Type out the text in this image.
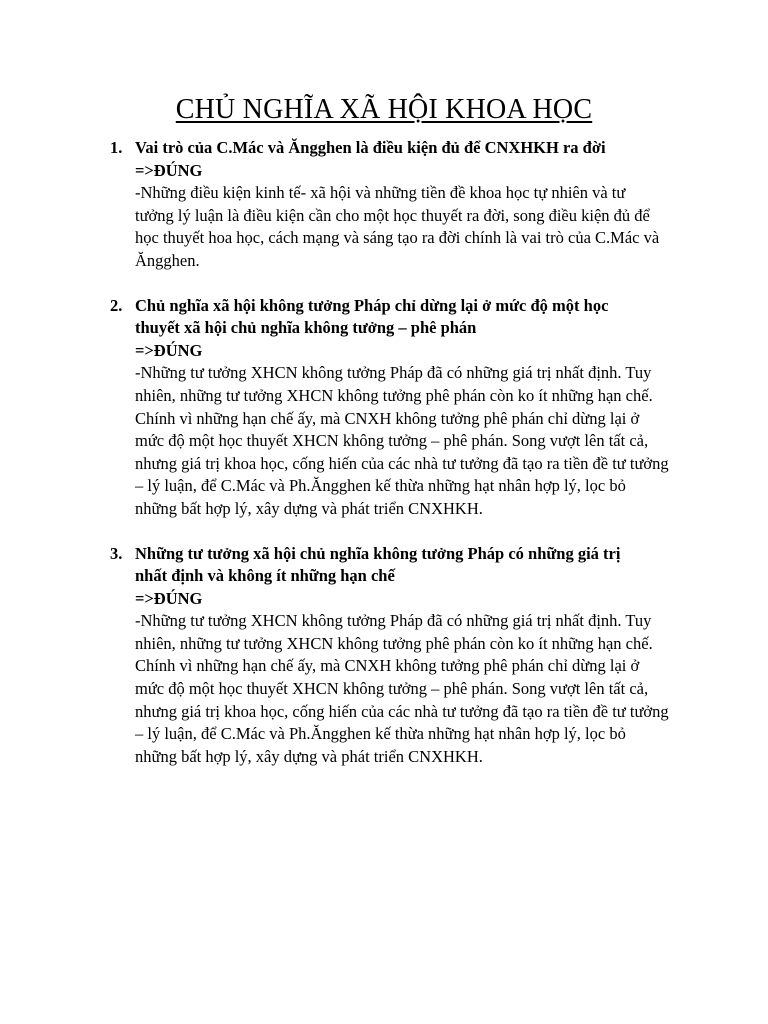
CHỦ NGHĨA XÃ HỘI KHOA HỌC
1. Vai trò của C.Mác và Ăngghen là điều kiện đủ để CNXHKH ra đời
=>ĐÚNG
-Những điều kiện kinh tế- xã hội và những tiền đề khoa học tự nhiên và tư tưởng lý luận là điều kiện cần cho một học thuyết ra đời, song điều kiện đủ để học thuyết hoa học, cách mạng và sáng tạo ra đời chính là vai trò của C.Mác và Ăngghen.
2. Chủ nghĩa xã hội không tưởng Pháp chỉ dừng lại ở mức độ một học thuyết xã hội chủ nghĩa không tưởng – phê phán
=>ĐÚNG
-Những tư tưởng XHCN không tưởng Pháp đã có những giá trị nhất định. Tuy nhiên, những tư tưởng XHCN không tưởng phê phán còn ko ít những hạn chế. Chính vì những hạn chế ấy, mà CNXH không tưởng phê phán chỉ dừng lại ở mức độ một học thuyết XHCN không tưởng – phê phán. Song vượt lên tất cả, nhưng giá trị khoa học, cống hiến của các nhà tư tưởng đã tạo ra tiền đề tư tưởng – lý luận, để C.Mác và Ph.Ăngghen kế thừa những hạt nhân hợp lý, lọc bỏ những bất hợp lý, xây dựng và phát triển CNXHKH.
3. Những tư tưởng xã hội chủ nghĩa không tưởng Pháp có những giá trị nhất định và không ít những hạn chế
=>ĐÚNG
-Những tư tưởng XHCN không tưởng Pháp đã có những giá trị nhất định. Tuy nhiên, những tư tưởng XHCN không tưởng phê phán còn ko ít những hạn chế. Chính vì những hạn chế ấy, mà CNXH không tưởng phê phán chỉ dừng lại ở mức độ một học thuyết XHCN không tưởng – phê phán. Song vượt lên tất cả, nhưng giá trị khoa học, cống hiến của các nhà tư tưởng đã tạo ra tiền đề tư tưởng – lý luận, để C.Mác và Ph.Ăngghen kế thừa những hạt nhân hợp lý, lọc bỏ những bất hợp lý, xây dựng và phát triển CNXHKH.
